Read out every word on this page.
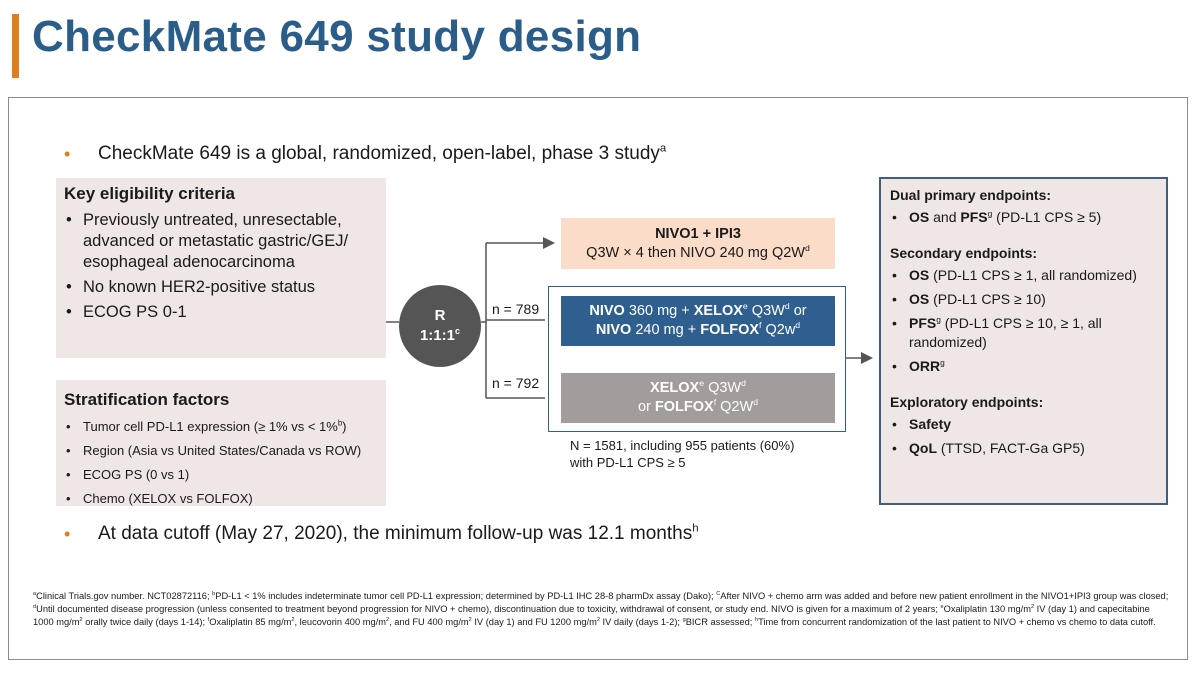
CheckMate 649 study design
• CheckMate 649 is a global, randomized, open-label, phase 3 study$^a$
Key eligibility criteria
• Previously untreated, unresectable, advanced or metastatic gastric/GEJ/ esophageal adenocarcinoma
• No known HER2-positive status
• ECOG PS 0-1
Stratification factors
• Tumor cell PD-L1 expression (≥ 1% vs < 1%$^b$)
• Region (Asia vs United States/Canada vs ROW)
• ECOG PS (0 vs 1)
• Chemo (XELOX vs FOLFOX)
R
1:1:1$^c$
NIVO1 + IPI3
Q3W × 4 then NIVO 240 mg $Q2W^d$
NIVO 360 mg + $XELOX^e$ $Q3W^d$ or
NIVO 240 mg + $FOLFOX^f$ $Q2w^d$
XELOX$^e$ $Q3W^d$
or FOLFOX$^f$ $Q2W^d$
n = 789
n = 792
N = 1581, including 955 patients (60%)
with PD-L1 CPS ≥ 5
Dual primary endpoints:
• OS and PFS$^g$ (PD-L1 CPS ≥ 5)
Secondary endpoints:
• OS (PD-L1 CPS ≥ 1, all randomized)
• OS (PD-L1 CPS ≥ 10)
• PFS$^g$ (PD-L1 CPS ≥ 10, ≥ 1, all randomized)
• ORR$^g$
Exploratory endpoints:
• Safety
• QoL (TTSD, FACT-Ga GP5)
• At data cutoff (May 27, 2020), the minimum follow-up was 12.1 months$^h$
$^a$Clinical Trials.gov number. NCT02872116; $^b$PD-L1 < 1% includes indeterminate tumor cell PD-L1 expression; determined by PD-L1 IHC 28-8 pharmDx assay (Dako); $^C$After NIVO + chemo arm was added and before new patient enrollment in the NIVO1+IPI3 group was closed; $^d$Until documented disease progression (unless consented to treatment beyond progression for NIVO + chemo), discontinuation due to toxicity, withdrawal of consent, or study end. NIVO is given for a maximum of 2 years; $^e$Oxaliplatin 130 $mg/m^2$ IV (day 1) and capecitabine 1000 $mg/m^2$ orally twice daily (days 1-14); $^f$Oxaliplatin 85 $mg/m^2$, leucovorin 400 $mg/m^2$, and FU 400 $mg/m^2$ IV (day 1) and FU 1200 $mg/m^2$ IV daily (days 1-2); $^g$BICR assessed; $^h$Time from concurrent randomization of the last patient to NIVO + chemo vs chemo to data cutoff.
